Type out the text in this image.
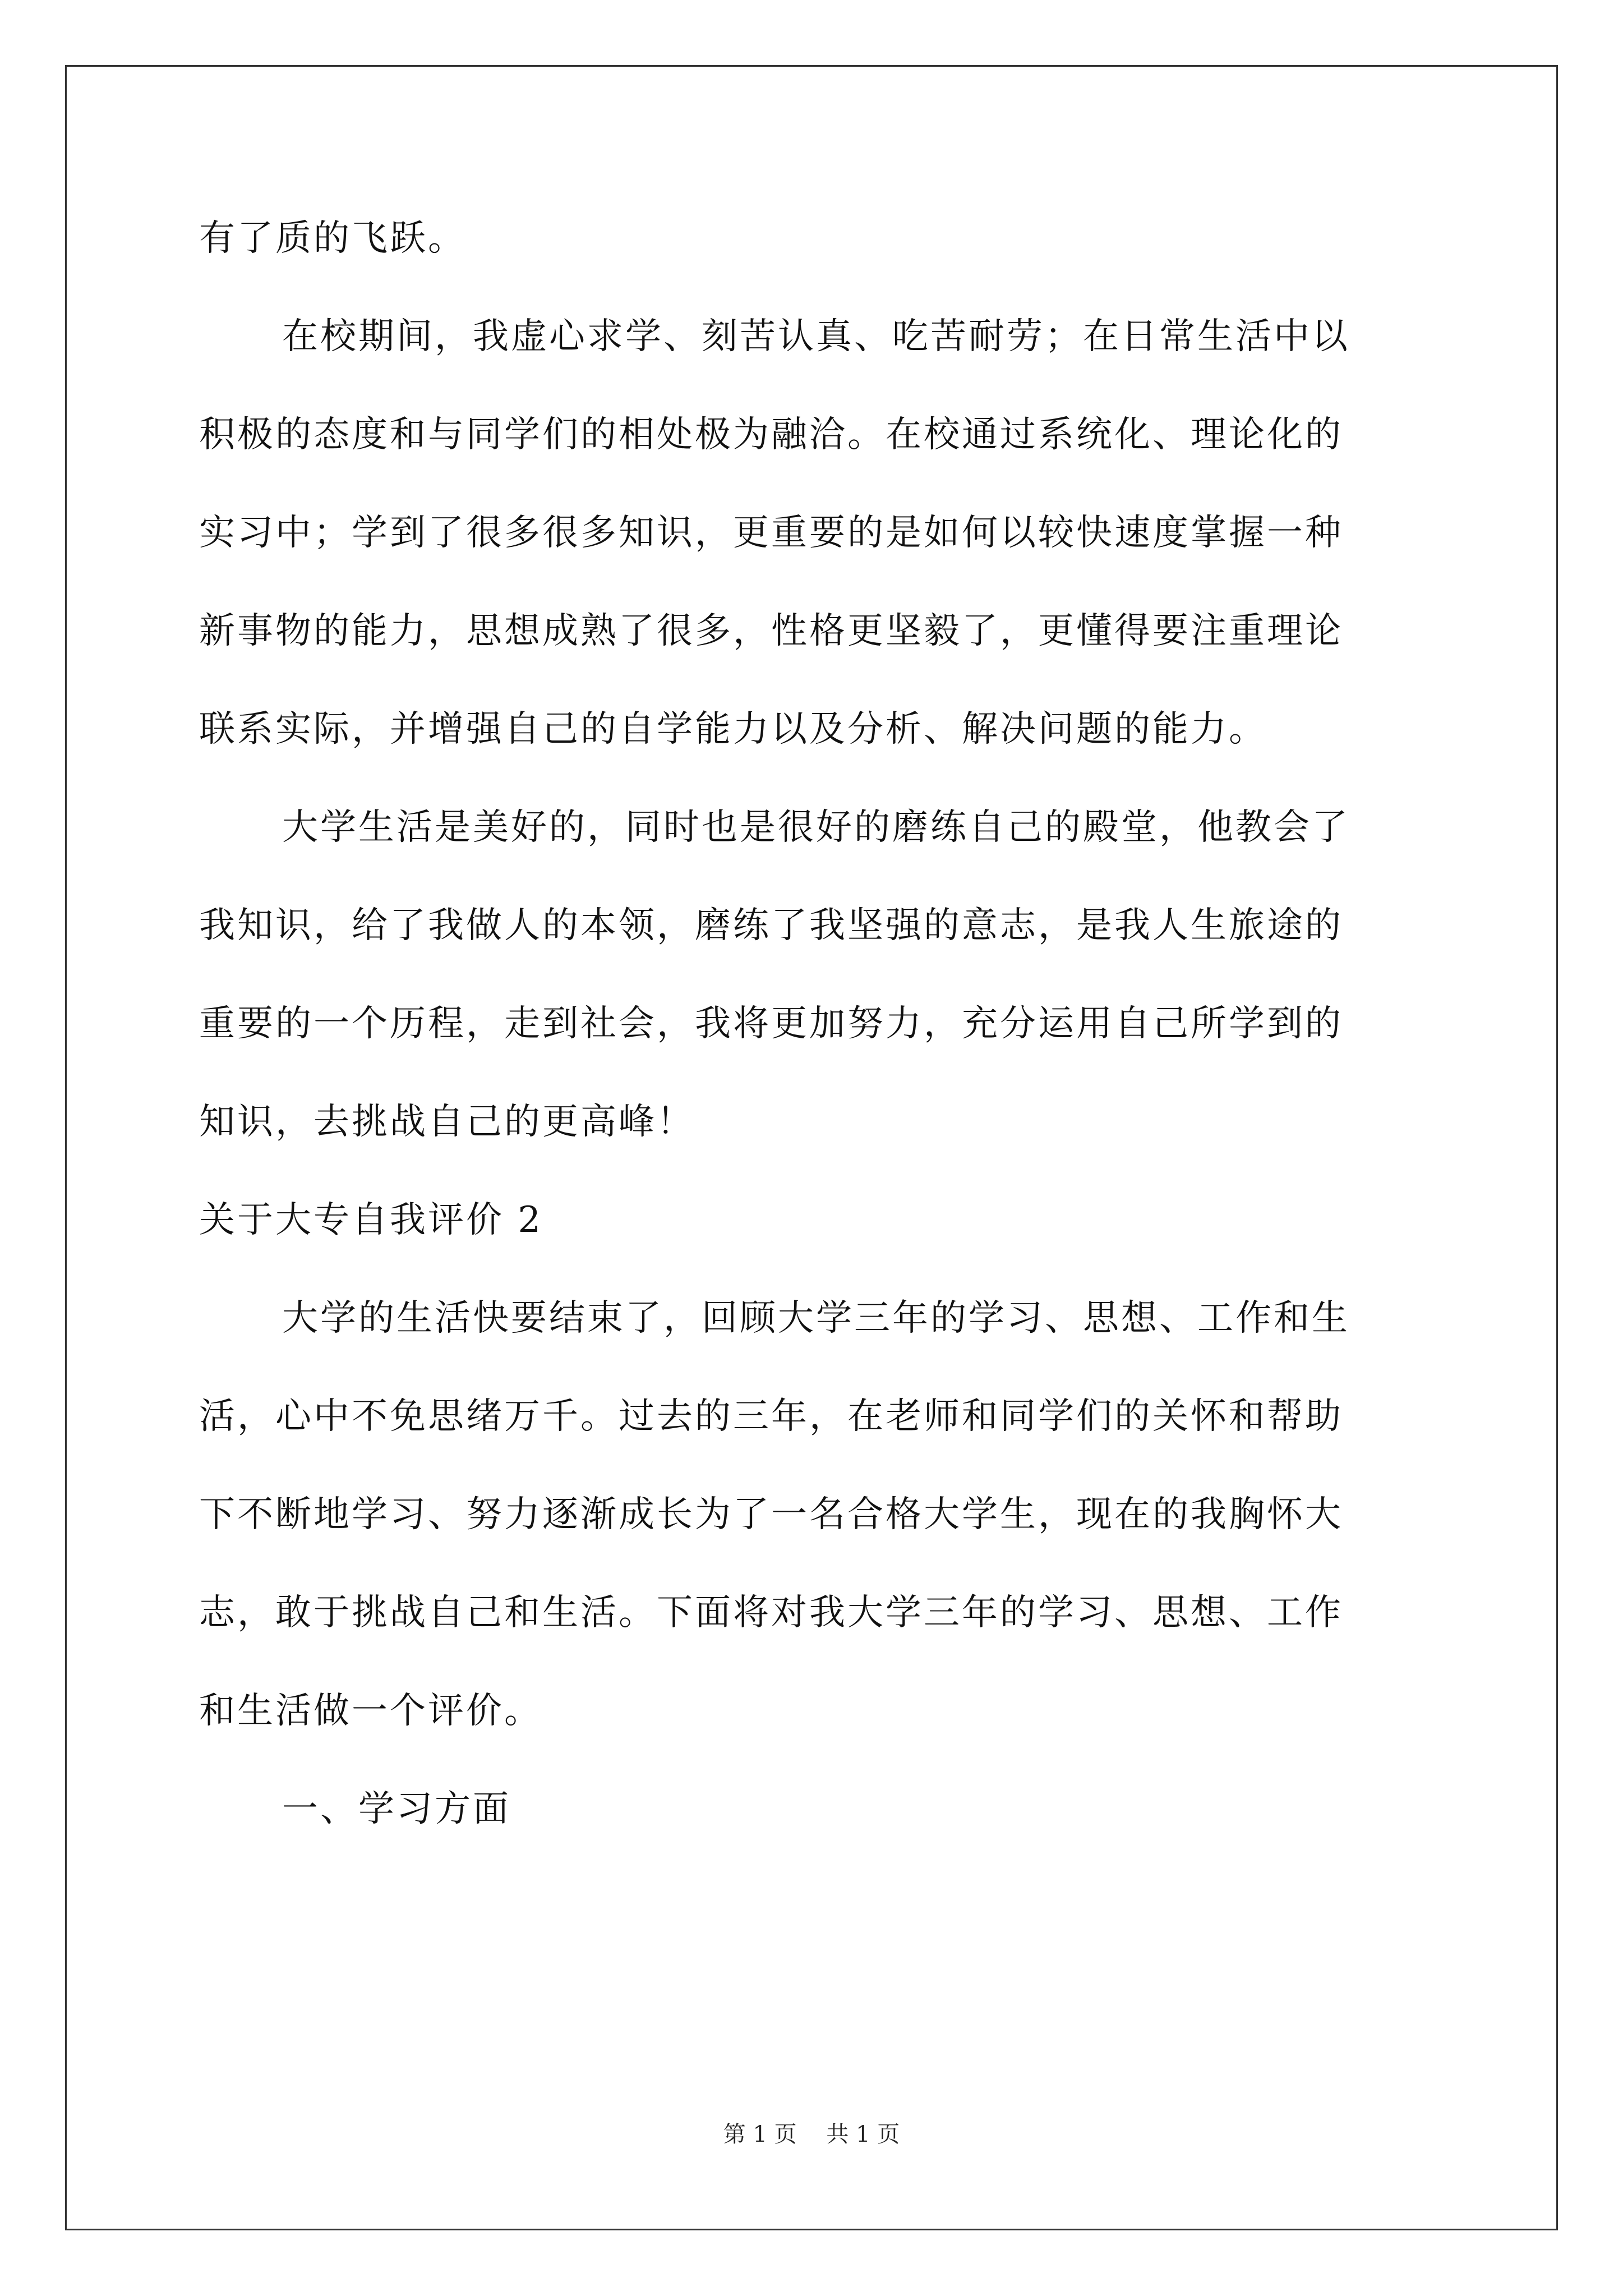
有了质的飞跃。
在校期间，我虚心求学、刻苦认真、吃苦耐劳；在日常生活中以
积极的态度和与同学们的相处极为融洽。在校通过系统化、理论化的
实习中；学到了很多很多知识，更重要的是如何以较快速度掌握一种
新事物的能力，思想成熟了很多，性格更坚毅了，更懂得要注重理论
联系实际，并增强自己的自学能力以及分析、解决问题的能力。
大学生活是美好的，同时也是很好的磨练自己的殿堂，他教会了
我知识，给了我做人的本领，磨练了我坚强的意志，是我人生旅途的
重要的一个历程，走到社会，我将更加努力，充分运用自己所学到的
知识，去挑战自己的更高峰！
关于大专自我评价 2
大学的生活快要结束了，回顾大学三年的学习、思想、工作和生
活，心中不免思绪万千。过去的三年，在老师和同学们的关怀和帮助
下不断地学习、努力逐渐成长为了一名合格大学生，现在的我胸怀大
志，敢于挑战自己和生活。下面将对我大学三年的学习、思想、工作
和生活做一个评价。
一、学习方面
第 1 页 共 1 页
